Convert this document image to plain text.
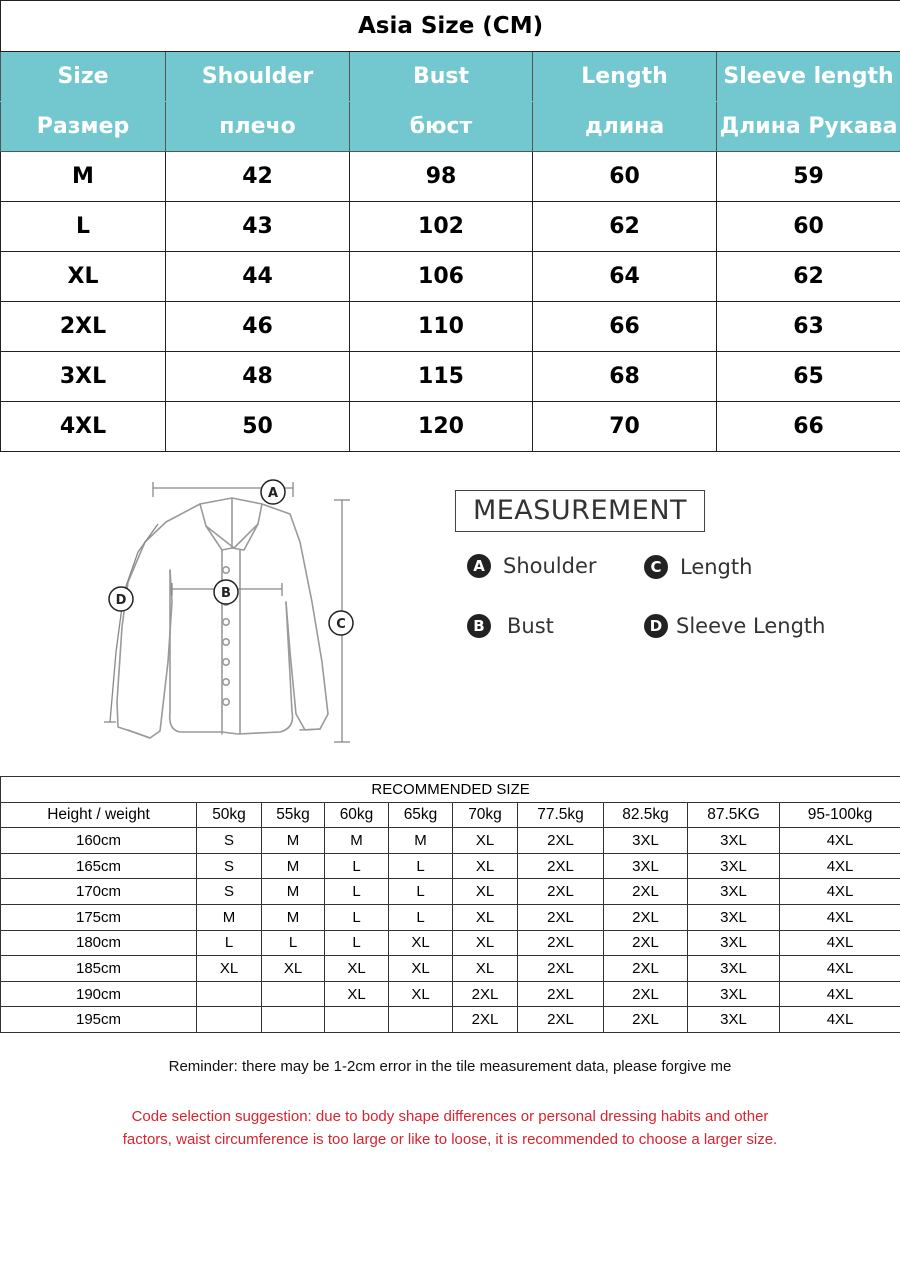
Asia Size (CM)				
Size	Shoulder	Bust	Length	Sleeve length
Размер	плечо	бюст	длина	Длина Рукава
M	42	98	60	59
L	43	102	62	60
XL	44	106	64	62
2XL	46	110	66	63
3XL	48	115	68	65
4XL	50	120	70	66
A
B
C
D
MEASUREMENT
A Shoulder
B Bust
C Length
D Sleeve Length
RECOMMENDED SIZE									
Height / weight	50kg	55kg	60kg	65kg	70kg	77.5kg	82.5kg	87.5KG	95-100kg
160cm	S	M	M	M	XL	2XL	3XL	3XL	4XL
165cm	S	M	L	L	XL	2XL	3XL	3XL	4XL
170cm	S	M	L	L	XL	2XL	2XL	3XL	4XL
175cm	M	M	L	L	XL	2XL	2XL	3XL	4XL
180cm	L	L	L	XL	XL	2XL	2XL	3XL	4XL
185cm	XL	XL	XL	XL	XL	2XL	2XL	3XL	4XL
190cm			XL	XL	2XL	2XL	2XL	3XL	4XL
195cm					2XL	2XL	2XL	3XL	4XL
Reminder: there may be 1-2cm error in the tile measurement data, please forgive me
Code selection suggestion: due to body shape differences or personal dressing habits and other
factors, waist circumference is too large or like to loose, it is recommended to choose a larger size.
